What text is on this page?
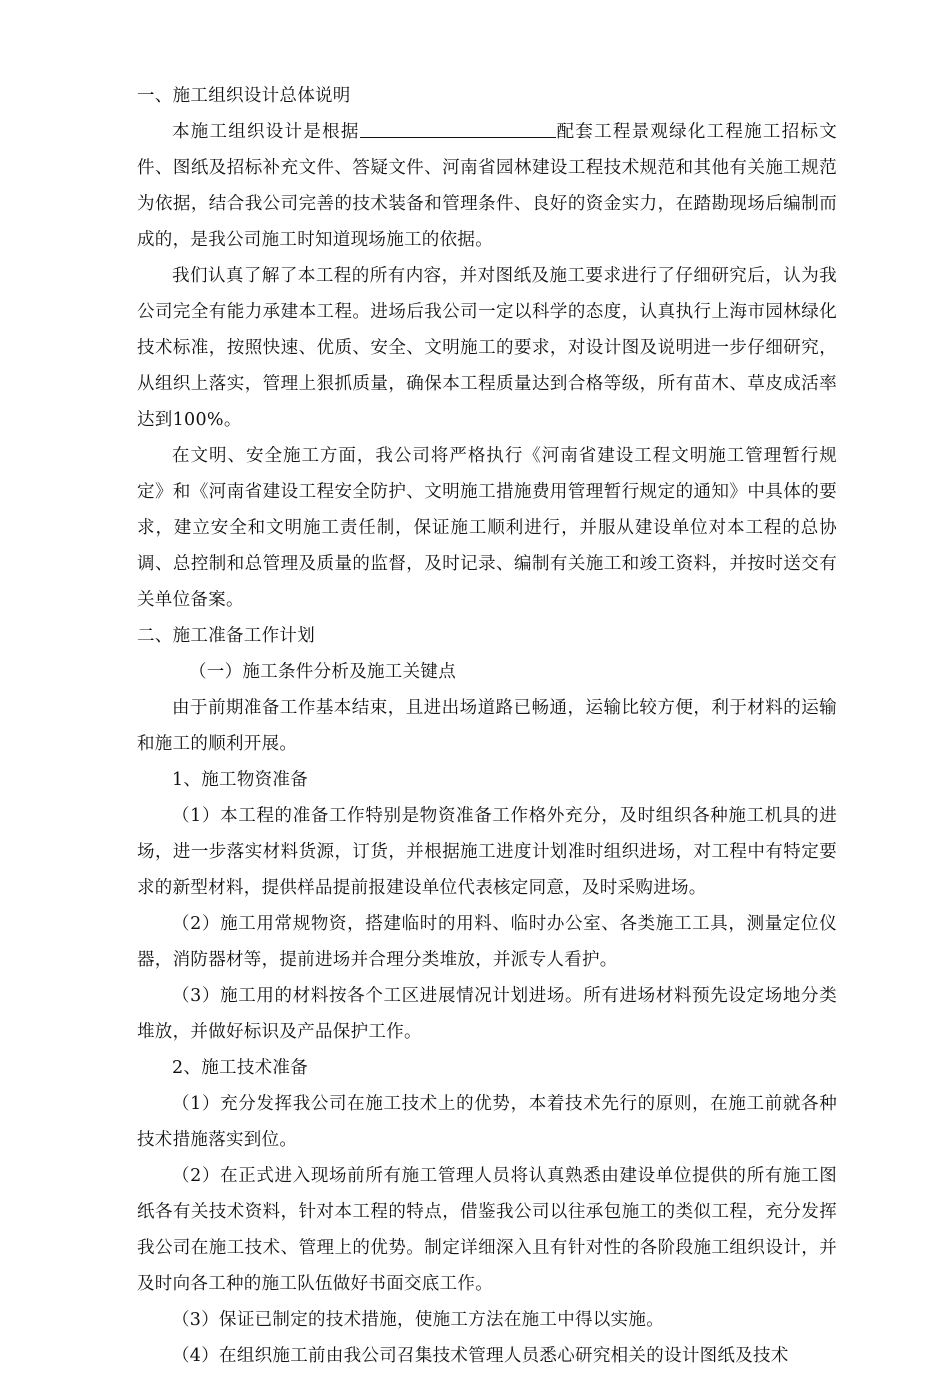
一、施工组织设计总体说明

本施工组织设计是根据	配套工程景观绿化工程施工招标文件、图纸及招标补充文件、答疑文件、河南省园林建设工程技术规范和其他有关施工规范为依据，结合我公司完善的技术装备和管理条件、良好的资金实力，在踏勘现场后编制而成的，是我公司施工时知道现场施工的依据。

我们认真了解了本工程的所有内容，并对图纸及施工要求进行了仔细研究后，认为我公司完全有能力承建本工程。进场后我公司一定以科学的态度，认真执行上海市园林绿化技术标准，按照快速、优质、安全、文明施工的要求，对设计图及说明进一步仔细研究，从组织上落实，管理上狠抓质量，确保本工程质量达到合格等级，所有苗木、草皮成活率达到100%。

在文明、安全施工方面，我公司将严格执行《河南省建设工程文明施工管理暂行规定》和《河南省建设工程安全防护、文明施工措施费用管理暂行规定的通知》中具体的要求，建立安全和文明施工责任制，保证施工顺利进行，并服从建设单位对本工程的总协调、总控制和总管理及质量的监督，及时记录、编制有关施工和竣工资料，并按时送交有关单位备案。

二、施工准备工作计划

（一）施工条件分析及施工关键点

由于前期准备工作基本结束，且进出场道路已畅通，运输比较方便，利于材料的运输和施工的顺利开展。

1、施工物资准备

（1）本工程的准备工作特别是物资准备工作格外充分，及时组织各种施工机具的进场，进一步落实材料货源，订货，并根据施工进度计划准时组织进场，对工程中有特定要求的新型材料，提供样品提前报建设单位代表核定同意，及时采购进场。

（2）施工用常规物资，搭建临时的用料、临时办公室、各类施工工具，测量定位仪器，消防器材等，提前进场并合理分类堆放，并派专人看护。

（3）施工用的材料按各个工区进展情况计划进场。所有进场材料预先设定场地分类堆放，并做好标识及产品保护工作。

2、施工技术准备

（1）充分发挥我公司在施工技术上的优势，本着技术先行的原则，在施工前就各种技术措施落实到位。

（2）在正式进入现场前所有施工管理人员将认真熟悉由建设单位提供的所有施工图纸各有关技术资料，针对本工程的特点，借鉴我公司以往承包施工的类似工程，充分发挥我公司在施工技术、管理上的优势。制定详细深入且有针对性的各阶段施工组织设计，并及时向各工种的施工队伍做好书面交底工作。

（3）保证已制定的技术措施，使施工方法在施工中得以实施。

（4）在组织施工前由我公司召集技术管理人员悉心研究相关的设计图纸及技术
